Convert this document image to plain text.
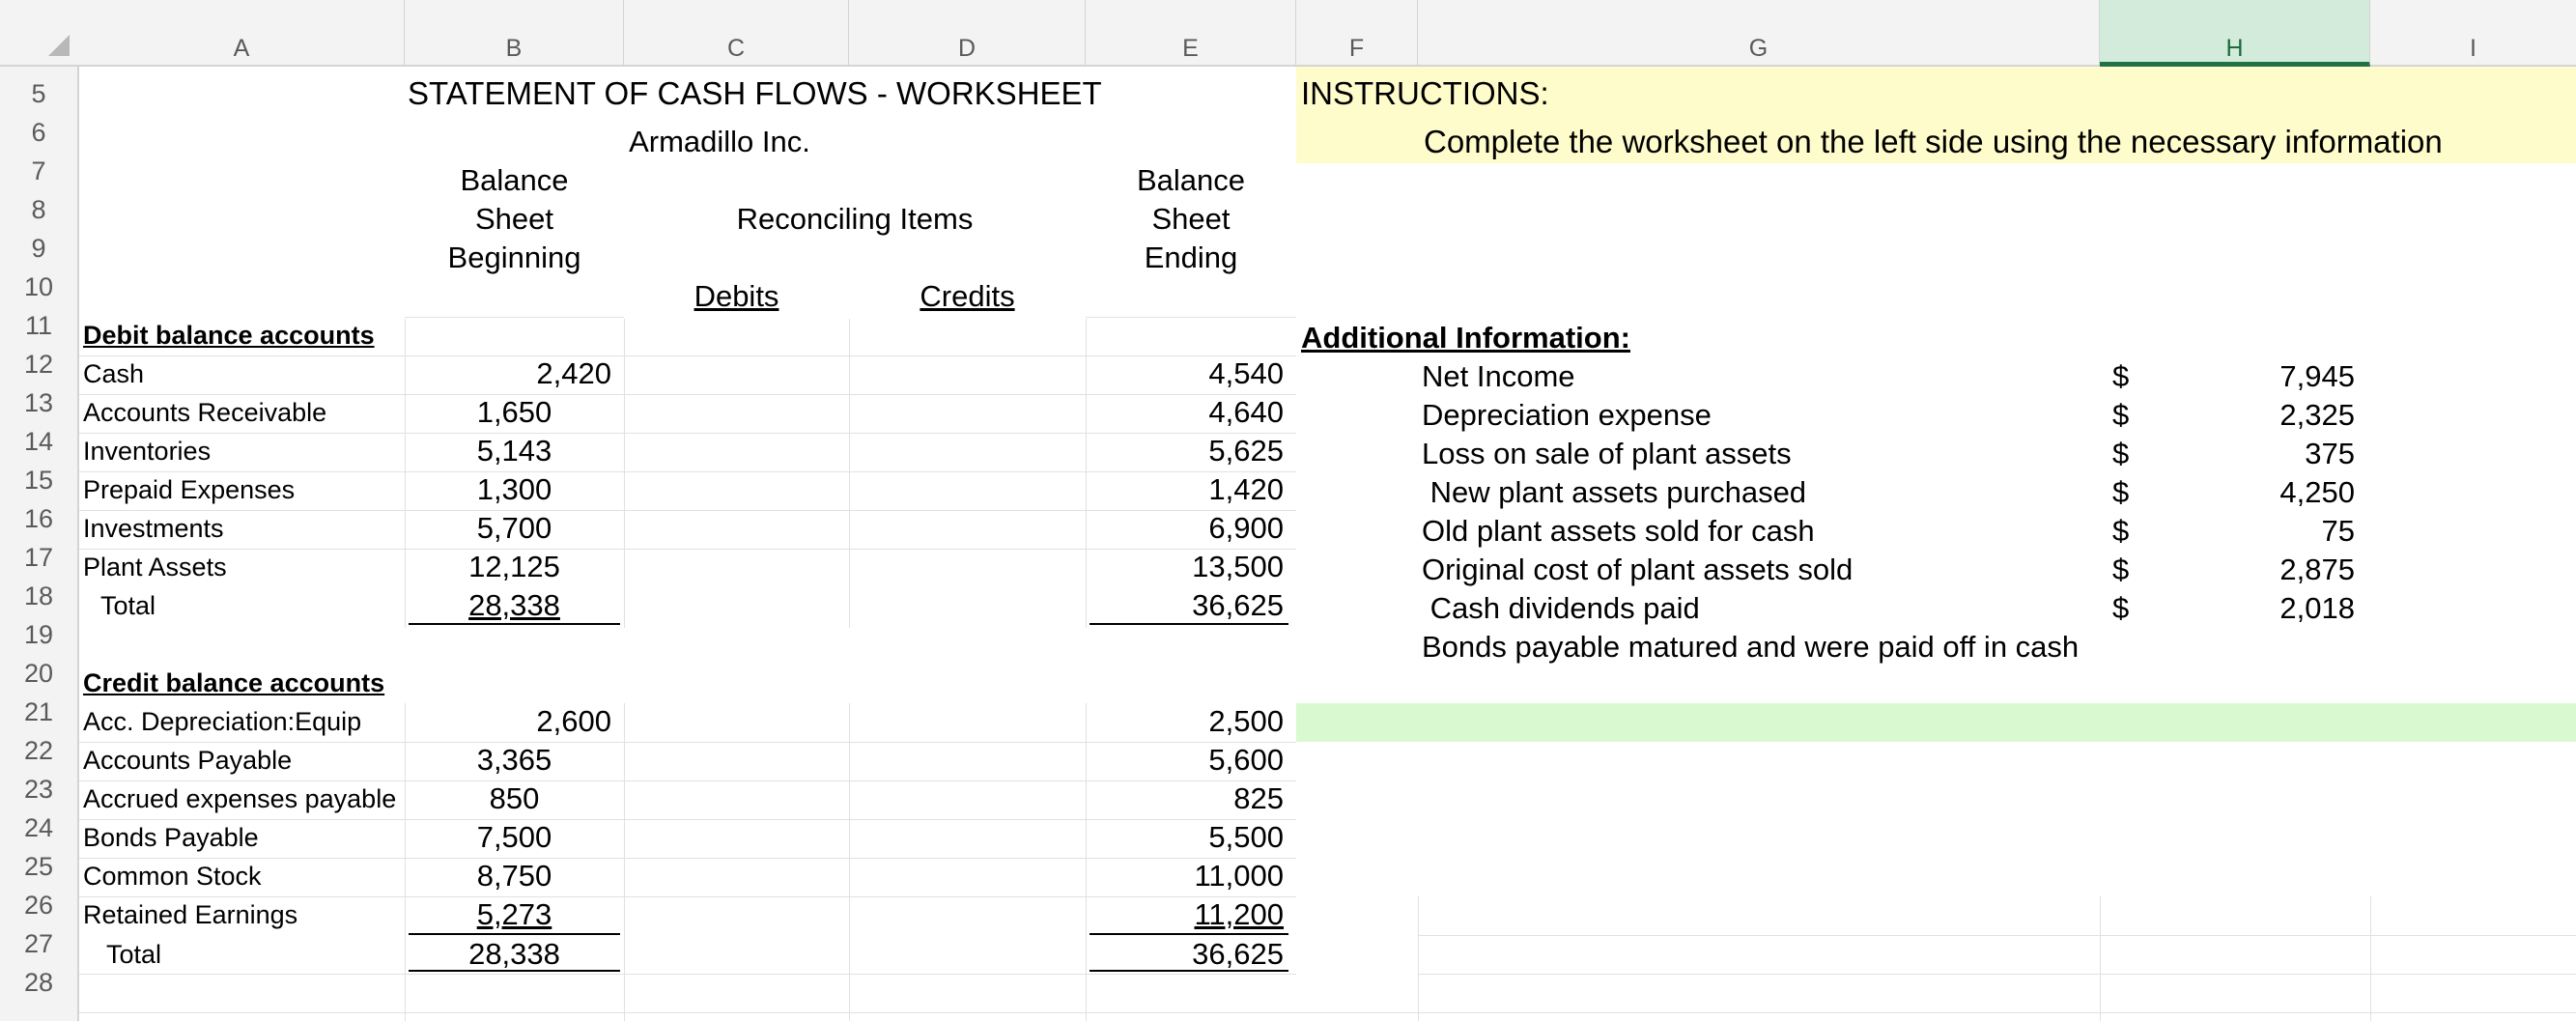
A	B	C	D	E	F	G	H	I
5
6
7
8
9
10
11
12
13
14
15
16
17
18
19
20
21
22
23
24
25
26
27
28
STATEMENT OF CASH FLOWS - WORKSHEET
Armadillo Inc.
Balance
Sheet
Beginning
Reconciling Items
Debits	Credits
Balance
Sheet
Ending
Debit balance accounts
Cash	2,420	4,540
Accounts Receivable	1,650	4,640
Inventories	5,143	5,625
Prepaid Expenses	1,300	1,420
Investments	5,700	6,900
Plant Assets	12,125	13,500
Total	28,338	36,625
Credit balance accounts
Acc. Depreciation:Equip	2,600	2,500
Accounts Payable	3,365	5,600
Accrued expenses payable	850	825
Bonds Payable	7,500	5,500
Common Stock	8,750	11,000
Retained Earnings	5,273	11,200
Total	28,338	36,625
INSTRUCTIONS:
Complete the worksheet on the left side using the necessary information
Additional Information:
Net Income	$	7,945
Depreciation expense	$	2,325
Loss on sale of plant assets	$	375
New plant assets purchased	$	4,250
Old plant assets sold for cash	$	75
Original cost of plant assets sold	$	2,875
Cash dividends paid	$	2,018
Bonds payable matured and were paid off in cash
